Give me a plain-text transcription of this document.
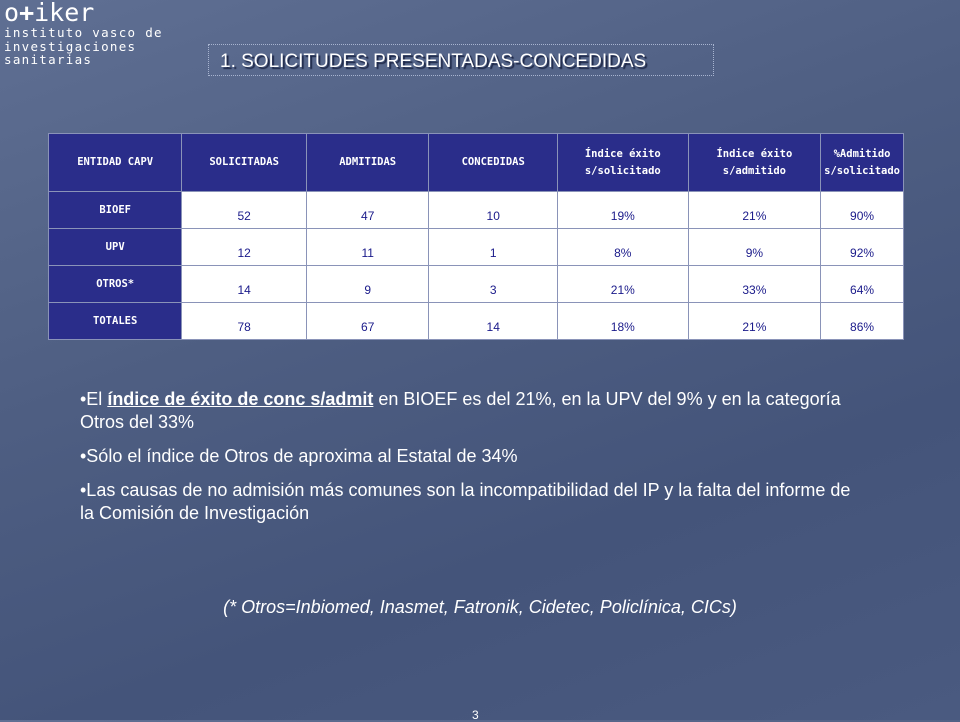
o+iker
instituto vasco de
investigaciones
sanitarias	1. SOLICITUDES PRESENTADAS-CONCEDIDAS
ENTIDAD CAPV	SOLICITADAS	ADMITIDAS	CONCEDIDAS	Índice éxito s/solicitado	Índice éxito s/admitido	%Admitido s/solicitado
BIOEF	52	47	10	19%	21%	90%
UPV	12	11	1	8%	9%	92%
OTROS*	14	9	3	21%	33%	64%
TOTALES	78	67	14	18%	21%	86%

•El índice de éxito de conc s/admit en BIOEF es del 21%, en la UPV del 9% y en la categoría Otros del 33%

•Sólo el índice de Otros de aproxima al Estatal de 34%

•Las causas de no admisión más comunes son la incompatibilidad del IP y la falta del informe de la Comisión de Investigación

(* Otros=Inbiomed, Inasmet, Fatronik, Cidetec, Policlínica, CICs)
3
